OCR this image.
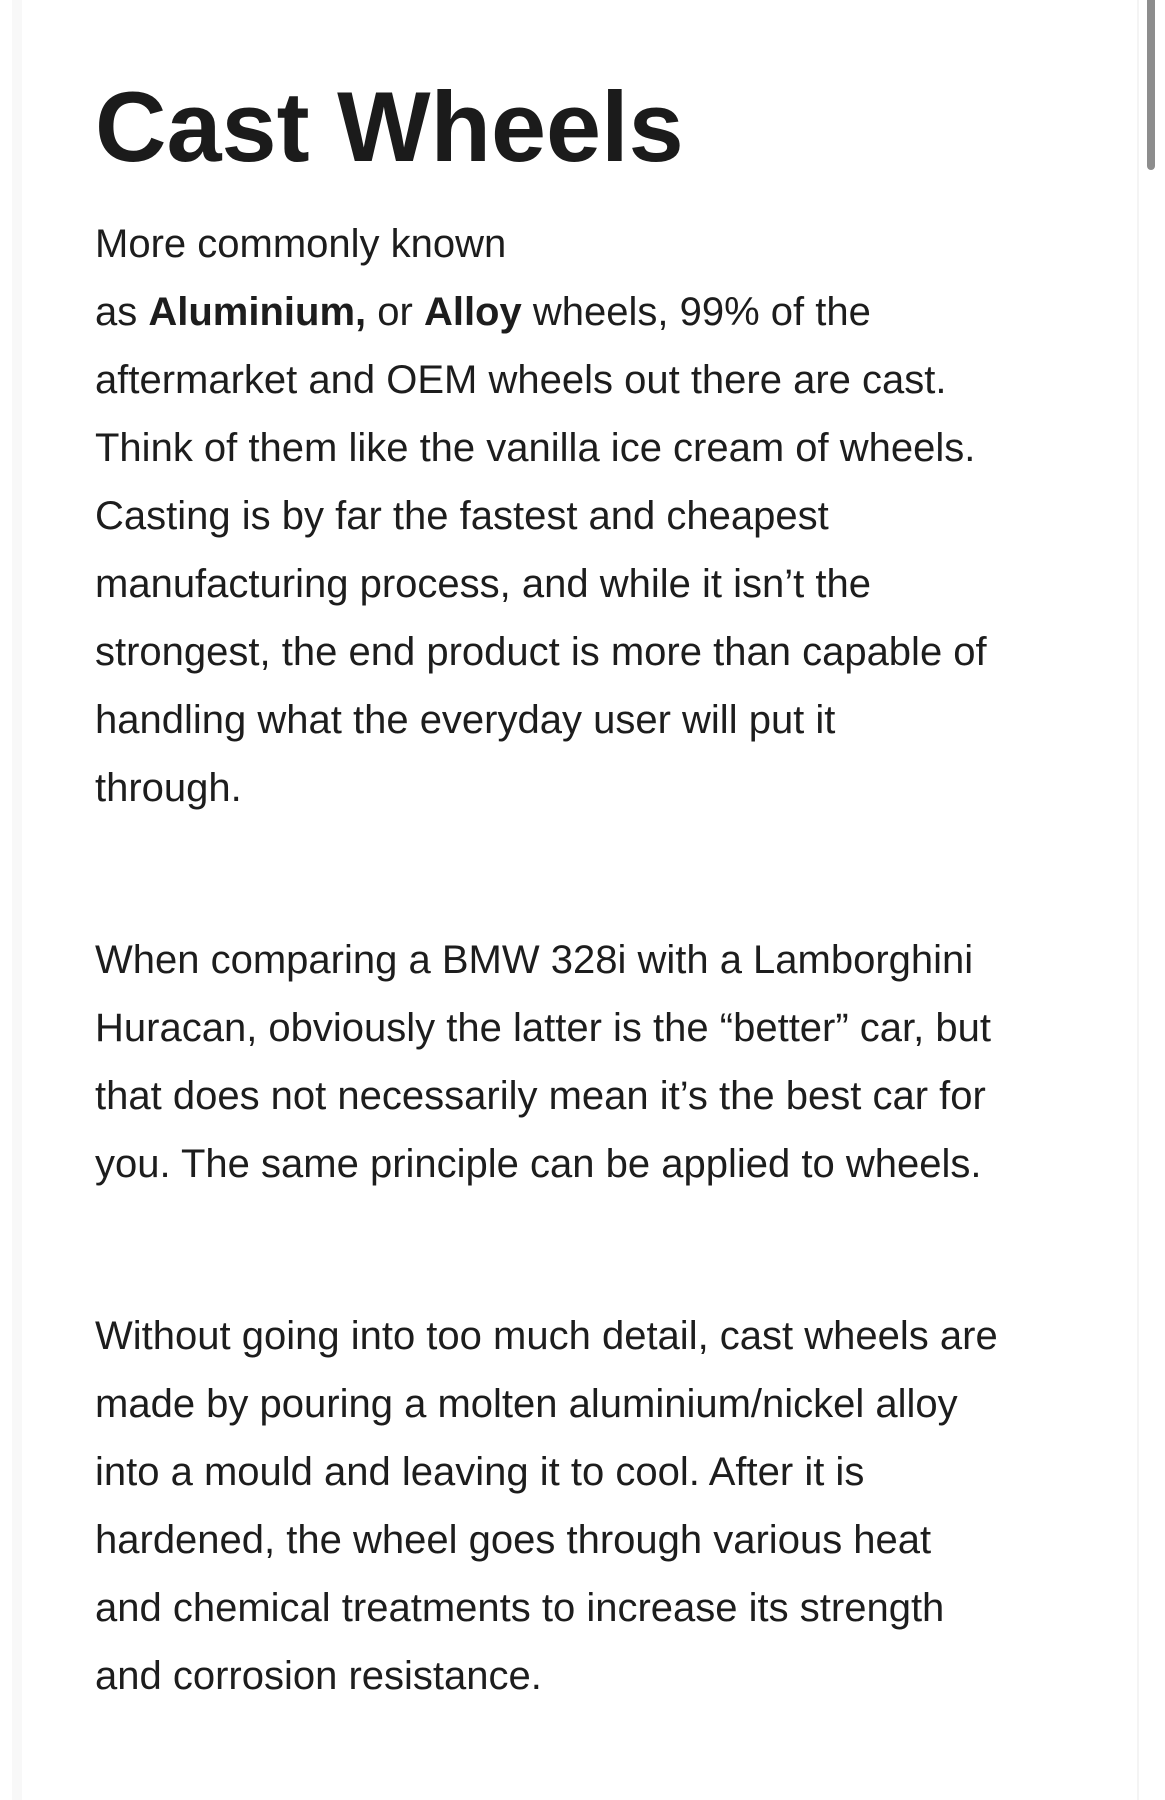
Cast Wheels

More commonly known
as Aluminium, or Alloy wheels, 99% of the
aftermarket and OEM wheels out there are cast.
Think of them like the vanilla ice cream of wheels.
Casting is by far the fastest and cheapest
manufacturing process, and while it isn’t the
strongest, the end product is more than capable of
handling what the everyday user will put it
through.

When comparing a BMW 328i with a Lamborghini
Huracan, obviously the latter is the “better” car, but
that does not necessarily mean it’s the best car for
you. The same principle can be applied to wheels.

Without going into too much detail, cast wheels are
made by pouring a molten aluminium/nickel alloy
into a mould and leaving it to cool. After it is
hardened, the wheel goes through various heat
and chemical treatments to increase its strength
and corrosion resistance.
